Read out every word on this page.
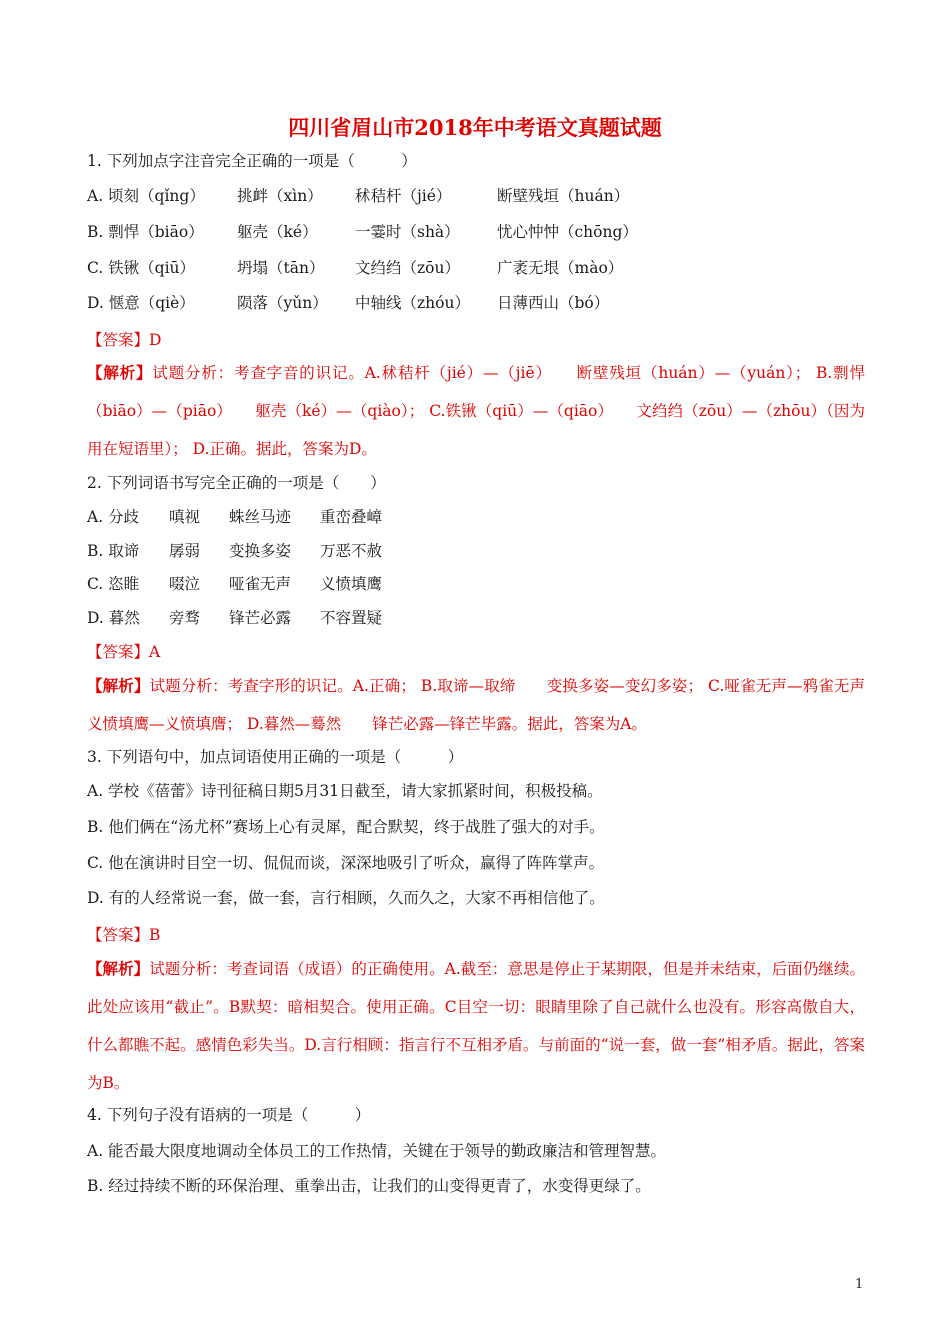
四川省眉山市2018年中考语文真题试题
1. 下列加点字注音完全正确的一项是（　　　）
A. 顷刻（qǐng） 挑衅（xìn） 秫秸杆（jié）	断壁残垣（huán）
B. 剽悍（biāo） 躯壳（ké） 一霎时（shà） 忧心忡忡（chōng）
C. 铁锹（qiū）	坍塌（tān） 文绉绉（zōu） 广袤无垠（mào）
D. 惬意（qiè）	陨落（yǔn） 中轴线（zhóu） 日薄西山（bó）
【答案】D
【解析】试题分析：考查字音的识记。A.秫秸杆（jié）—（jiē）　　断壁残垣（huán）—（yuán）； B.剽悍（biāo）—（piāo）　　躯壳（ké）—（qiào）； C.铁锹（qiū）—（qiāo）　　文绉绉（zōu）—（zhōu）（因为用在短语里）； D.正确。据此，答案为D。
2. 下列词语书写完全正确的一项是（　　）
A. 分歧 嗔视 蛛丝马迹 重峦叠嶂
B. 取谛 孱弱 变换多姿 万恶不赦
C. 恣睢 啜泣 哑雀无声 义愤填鹰
D. 暮然 旁骛 锋芒必露 不容置疑
【答案】A
【解析】试题分析：考查字形的识记。A.正确； B.取谛—取缔　　变换多姿—变幻多姿； C.哑雀无声—鸦雀无声　　义愤填鹰—义愤填膺； D.暮然—蓦然　　锋芒必露—锋芒毕露。据此，答案为A。
3. 下列语句中，加点词语使用正确的一项是（　　　）
A. 学校《蓓蕾》诗刊征稿日期5月31日截至，请大家抓紧时间，积极投稿。
B. 他们俩在“汤尤杯”赛场上心有灵犀，配合默契，终于战胜了强大的对手。
C. 他在演讲时目空一切、侃侃而谈，深深地吸引了听众，赢得了阵阵掌声。
D. 有的人经常说一套，做一套，言行相顾，久而久之，大家不再相信他了。
【答案】B
【解析】试题分析：考查词语（成语）的正确使用。A.截至：意思是停止于某期限，但是并未结束，后面仍继续。此处应该用“截止”。B默契：暗相契合。使用正确。C目空一切：眼睛里除了自己就什么也没有。形容高傲自大，什么都瞧不起。感情色彩失当。D.言行相顾：指言行不互相矛盾。与前面的“说一套，做一套”相矛盾。据此，答案为B。
4. 下列句子没有语病的一项是（　　　）
A. 能否最大限度地调动全体员工的工作热情，关键在于领导的勤政廉洁和管理智慧。
B. 经过持续不断的环保治理、重拳出击，让我们的山变得更青了，水变得更绿了。
1
